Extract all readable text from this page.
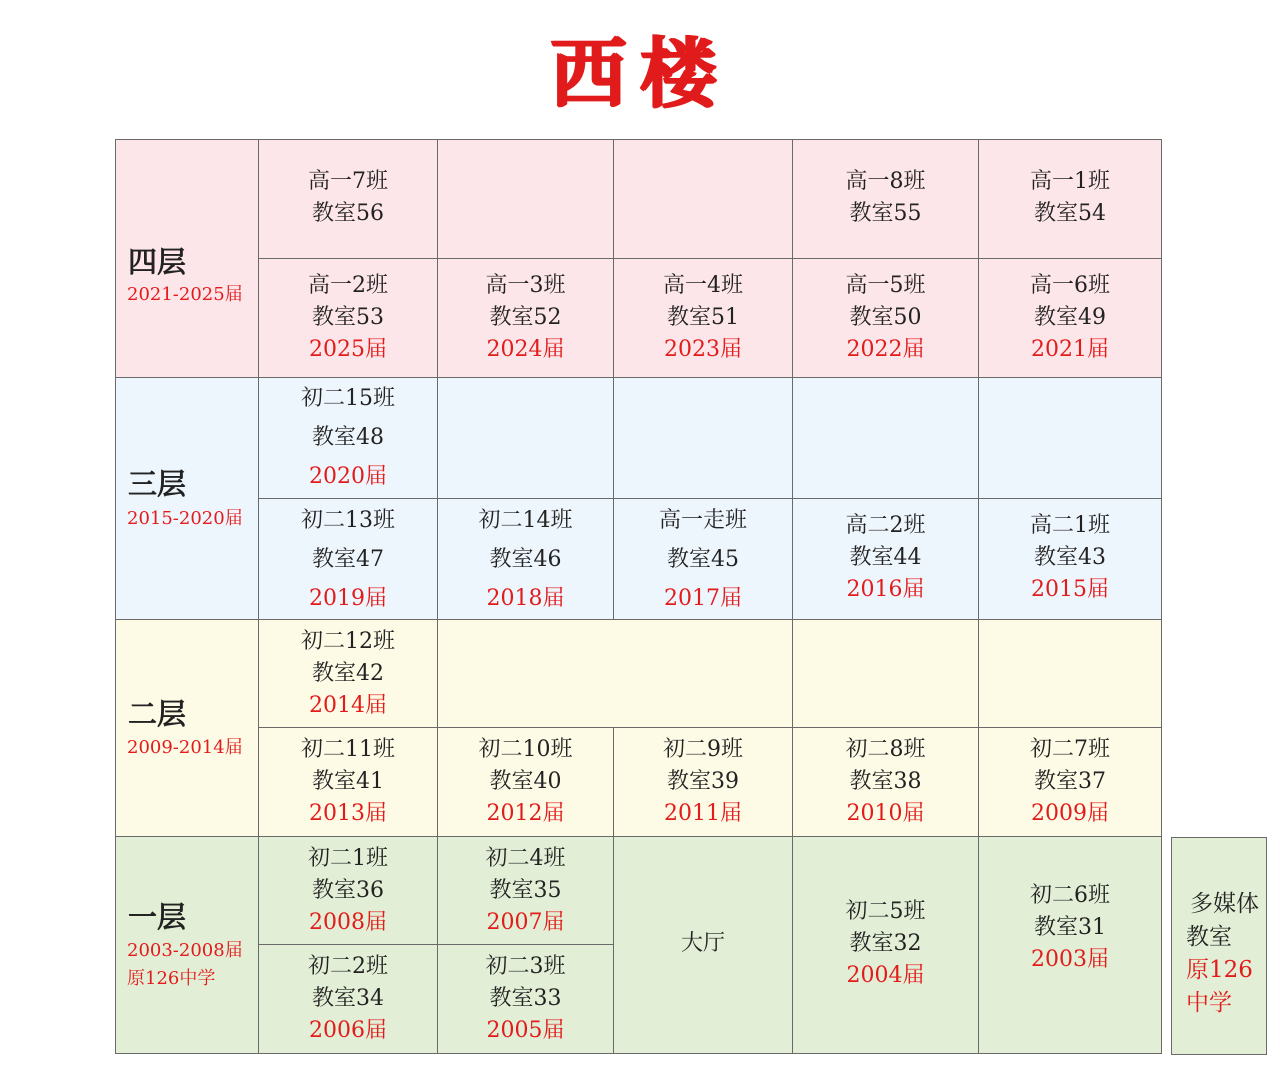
西楼
四层
2021-2025届
高一7班
教室56
高一8班
教室55
高一1班
教室54
高一2班
教室53
2025届
高一3班
教室52
2024届
高一4班
教室51
2023届
高一5班
教室50
2022届
高一6班
教室49
2021届
三层
2015-2020届
初二15班
教室48
2020届
初二13班
教室47
2019届
初二14班
教室46
2018届
高一走班
教室45
2017届
高二2班
教室44
2016届
高二1班
教室43
2015届
二层
2009-2014届
初二12班
教室42
2014届
初二11班
教室41
2013届
初二10班
教室40
2012届
初二9班
教室39
2011届
初二8班
教室38
2010届
初二7班
教室37
2009届
一层
2003-2008届
原126中学
初二1班
教室36
2008届
初二4班
教室35
2007届
初二2班
教室34
2006届
初二3班
教室33
2005届
大厅
初二5班
教室32
2004届
初二6班
教室31
2003届
多媒体
教室
原126
中学
